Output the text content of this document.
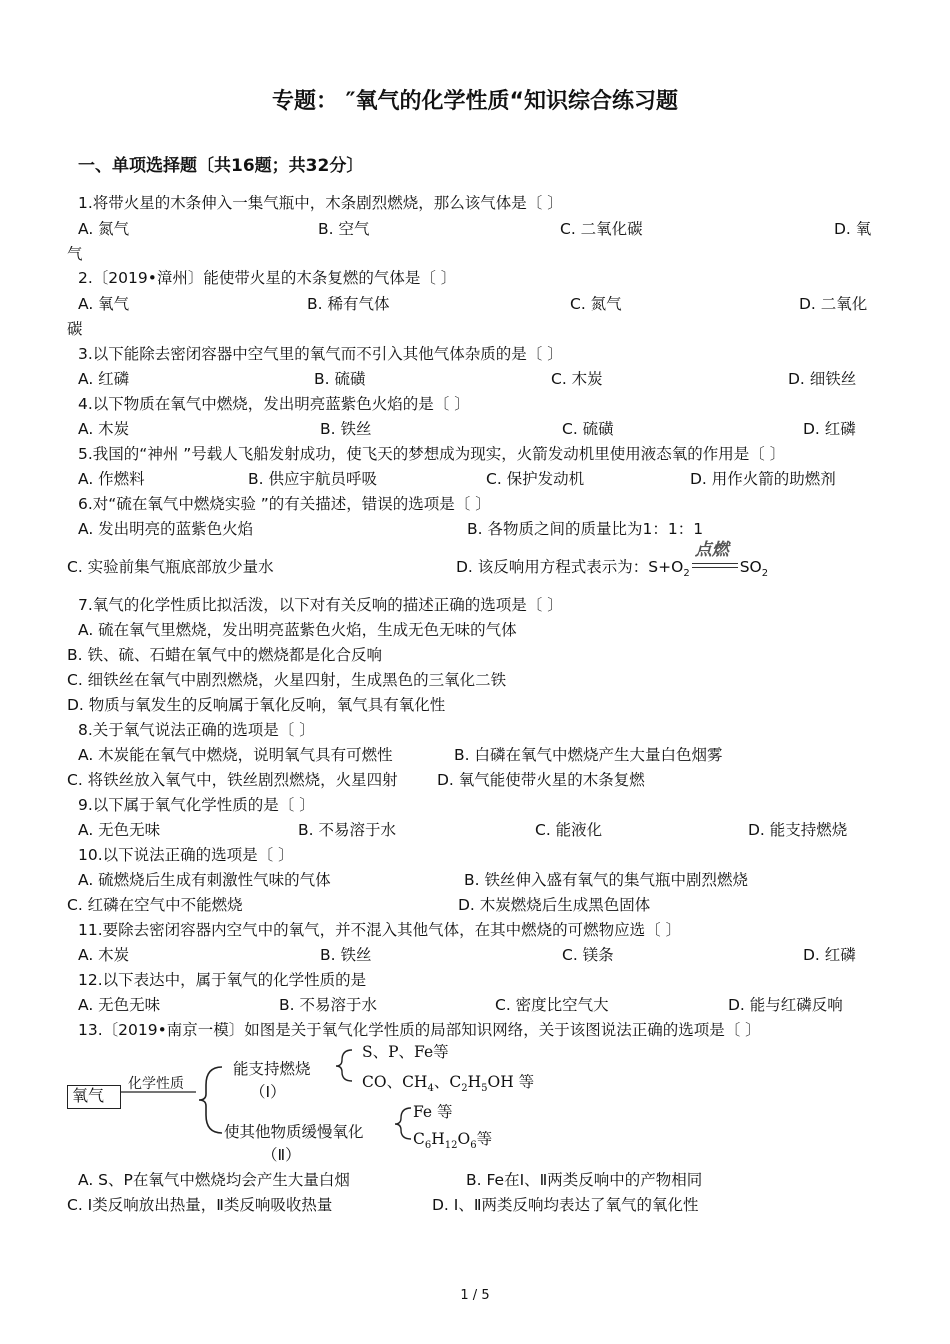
专题： ″氧气的化学性质“知识综合练习题
一、单项选择题〔共16题；共32分〕
1.将带火星的木条伸入一集气瓶中，木条剧烈燃烧，那么该气体是〔 〕
A. 氮气	B. 空气	C. 二氧化碳	D. 氧
气
2.〔2019•漳州〕能使带火星的木条复燃的气体是〔 〕
A. 氧气	B. 稀有气体	C. 氮气	D. 二氧化
碳
3.以下能除去密闭容器中空气里的氧气而不引入其他气体杂质的是〔 〕
A. 红磷	B. 硫磺	C. 木炭	D. 细铁丝
4.以下物质在氧气中燃烧，发出明亮蓝紫色火焰的是〔 〕
A. 木炭	B. 铁丝	C. 硫磺	D. 红磷
5.我国的“神州 ”号载人飞船发射成功，使飞天的梦想成为现实，火箭发动机里使用液态氧的作用是〔 〕
A. 作燃料	B. 供应宇航员呼吸	C. 保护发动机	D. 用作火箭的助燃剂
6.对“硫在氧气中燃烧实验 ”的有关描述，错误的选项是〔 〕
A. 发出明亮的蓝紫色火焰	B. 各物质之间的质量比为1：1：1
C. 实验前集气瓶底部放少量水	D. 该反响用方程式表示为：$S+O_2$
点燃
$SO_2$
7.氧气的化学性质比拟活泼，以下对有关反响的描述正确的选项是〔 〕
A. 硫在氧气里燃烧，发出明亮蓝紫色火焰，生成无色无味的气体
B. 铁、硫、石蜡在氧气中的燃烧都是化合反响
C. 细铁丝在氧气中剧烈燃烧，火星四射，生成黑色的三氧化二铁
D. 物质与氧发生的反响属于氧化反响，氧气具有氧化性
8.关于氧气说法正确的选项是〔 〕
A. 木炭能在氧气中燃烧，说明氧气具有可燃性	B. 白磷在氧气中燃烧产生大量白色烟雾
C. 将铁丝放入氧气中，铁丝剧烈燃烧，火星四射	D. 氧气能使带火星的木条复燃
9.以下属于氧气化学性质的是〔 〕
A. 无色无味	B. 不易溶于水	C. 能液化	D. 能支持燃烧
10.以下说法正确的选项是〔 〕
A. 硫燃烧后生成有刺激性气味的气体	B. 铁丝伸入盛有氧气的集气瓶中剧烈燃烧
C. 红磷在空气中不能燃烧	D. 木炭燃烧后生成黑色固体
11.要除去密闭容器内空气中的氧气，并不混入其他气体，在其中燃烧的可燃物应选〔 〕
A. 木炭	B. 铁丝	C. 镁条	D. 红磷
12.以下表达中，属于氧气的化学性质的是
A. 无色无味	B. 不易溶于水	C. 密度比空气大	D. 能与红磷反响
13.〔2019•南京一模〕如图是关于氧气化学性质的局部知识网络，关于该图说法正确的选项是〔 〕
氧气
化学性质
能支持燃烧
（Ⅰ）
S、P、Fe等
CO、$CH_4$、$C_2H_5OH$ 等
使其他物质缓慢氧化
（Ⅱ）
Fe 等
$C_6H_{12}O_6$等
A. S、P在氧气中燃烧均会产生大量白烟	B. Fe在Ⅰ、Ⅱ两类反响中的产物相同
C. Ⅰ类反响放出热量，Ⅱ类反响吸收热量	D. Ⅰ、Ⅱ两类反响均表达了氧气的氧化性
1 / 5
